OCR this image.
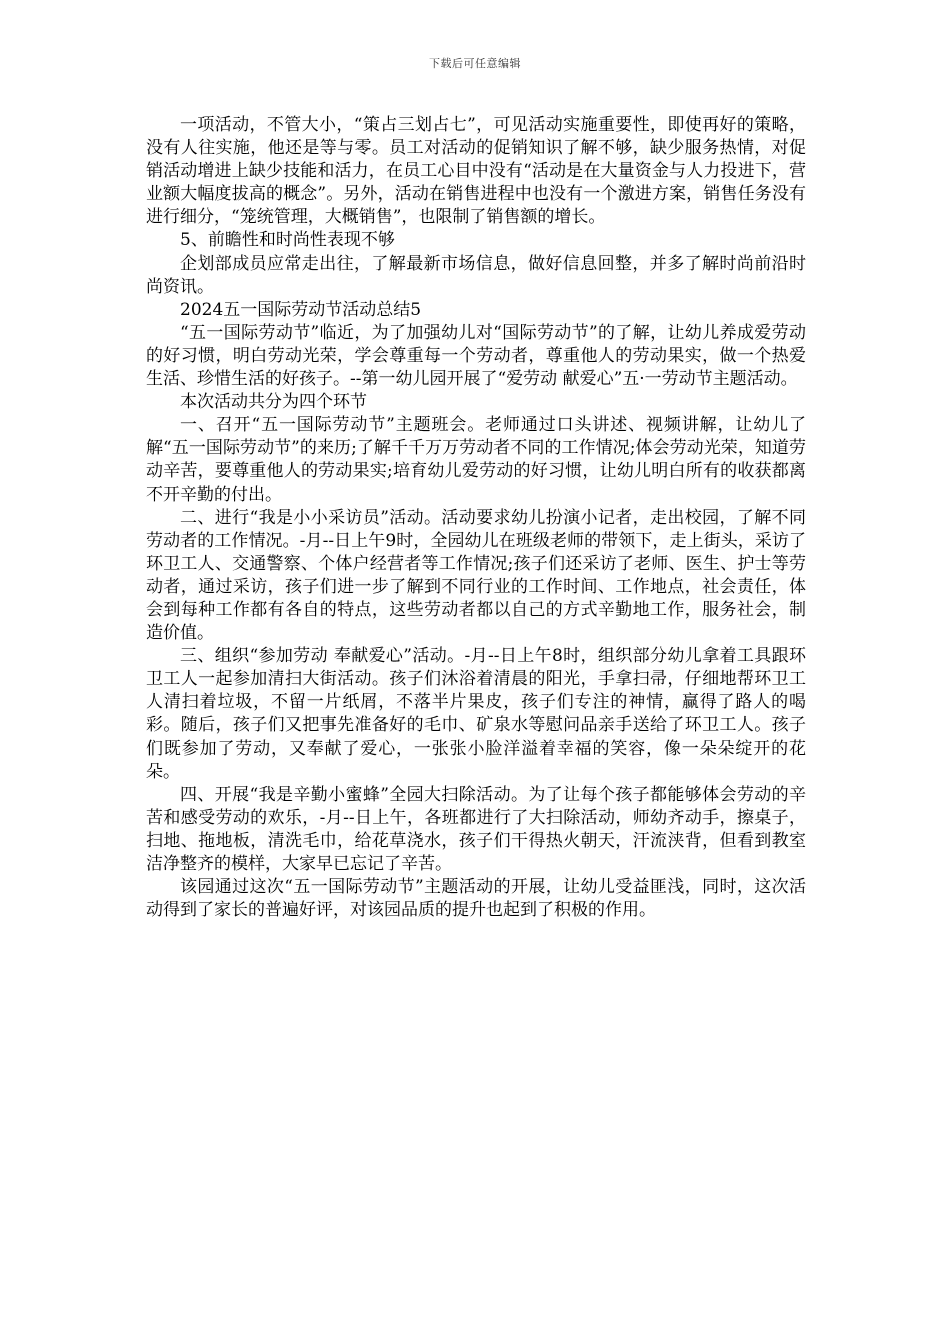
下载后可任意编辑

一项活动，不管大小，“策占三划占七”，可见活动实施重要性，即使再好的策略，没有人往实施，他还是等与零。员工对活动的促销知识了解不够，缺少服务热情，对促销活动增进上缺少技能和活力，在员工心目中没有“活动是在大量资金与人力投进下，营业额大幅度拔高的概念”。另外，活动在销售进程中也没有一个激进方案，销售任务没有进行细分，“笼统管理，大概销售”，也限制了销售额的增长。

5、前瞻性和时尚性表现不够

企划部成员应常走出往，了解最新市场信息，做好信息回整，并多了解时尚前沿时尚资讯。

2024五一国际劳动节活动总结5

“五一国际劳动节”临近，为了加强幼儿对“国际劳动节”的了解，让幼儿养成爱劳动的好习惯，明白劳动光荣，学会尊重每一个劳动者，尊重他人的劳动果实，做一个热爱生活、珍惜生活的好孩子。--第一幼儿园开展了“爱劳动 献爱心”五·一劳动节主题活动。

本次活动共分为四个环节

一、召开“五一国际劳动节”主题班会。老师通过口头讲述、视频讲解，让幼儿了解“五一国际劳动节”的来历;了解千千万万劳动者不同的工作情况;体会劳动光荣，知道劳动辛苦，要尊重他人的劳动果实;培育幼儿爱劳动的好习惯，让幼儿明白所有的收获都离不开辛勤的付出。

二、进行“我是小小采访员”活动。活动要求幼儿扮演小记者，走出校园，了解不同劳动者的工作情况。-月--日上午9时，全园幼儿在班级老师的带领下，走上街头，采访了环卫工人、交通警察、个体户经营者等工作情况;孩子们还采访了老师、医生、护士等劳动者，通过采访，孩子们进一步了解到不同行业的工作时间、工作地点，社会责任，体会到每种工作都有各自的特点，这些劳动者都以自己的方式辛勤地工作，服务社会，制造价值。

三、组织“参加劳动 奉献爱心”活动。-月--日上午8时，组织部分幼儿拿着工具跟环卫工人一起参加清扫大街活动。孩子们沐浴着清晨的阳光，手拿扫帚，仔细地帮环卫工人清扫着垃圾，不留一片纸屑，不落半片果皮，孩子们专注的神情，赢得了路人的喝彩。随后，孩子们又把事先准备好的毛巾、矿泉水等慰问品亲手送给了环卫工人。孩子们既参加了劳动，又奉献了爱心，一张张小脸洋溢着幸福的笑容，像一朵朵绽开的花朵。

四、开展“我是辛勤小蜜蜂”全园大扫除活动。为了让每个孩子都能够体会劳动的辛苦和感受劳动的欢乐，-月--日上午，各班都进行了大扫除活动，师幼齐动手，擦桌子，扫地、拖地板，清洗毛巾，给花草浇水，孩子们干得热火朝天，汗流浃背，但看到教室洁净整齐的模样，大家早已忘记了辛苦。

该园通过这次“五一国际劳动节”主题活动的开展，让幼儿受益匪浅，同时，这次活动得到了家长的普遍好评，对该园品质的提升也起到了积极的作用。
